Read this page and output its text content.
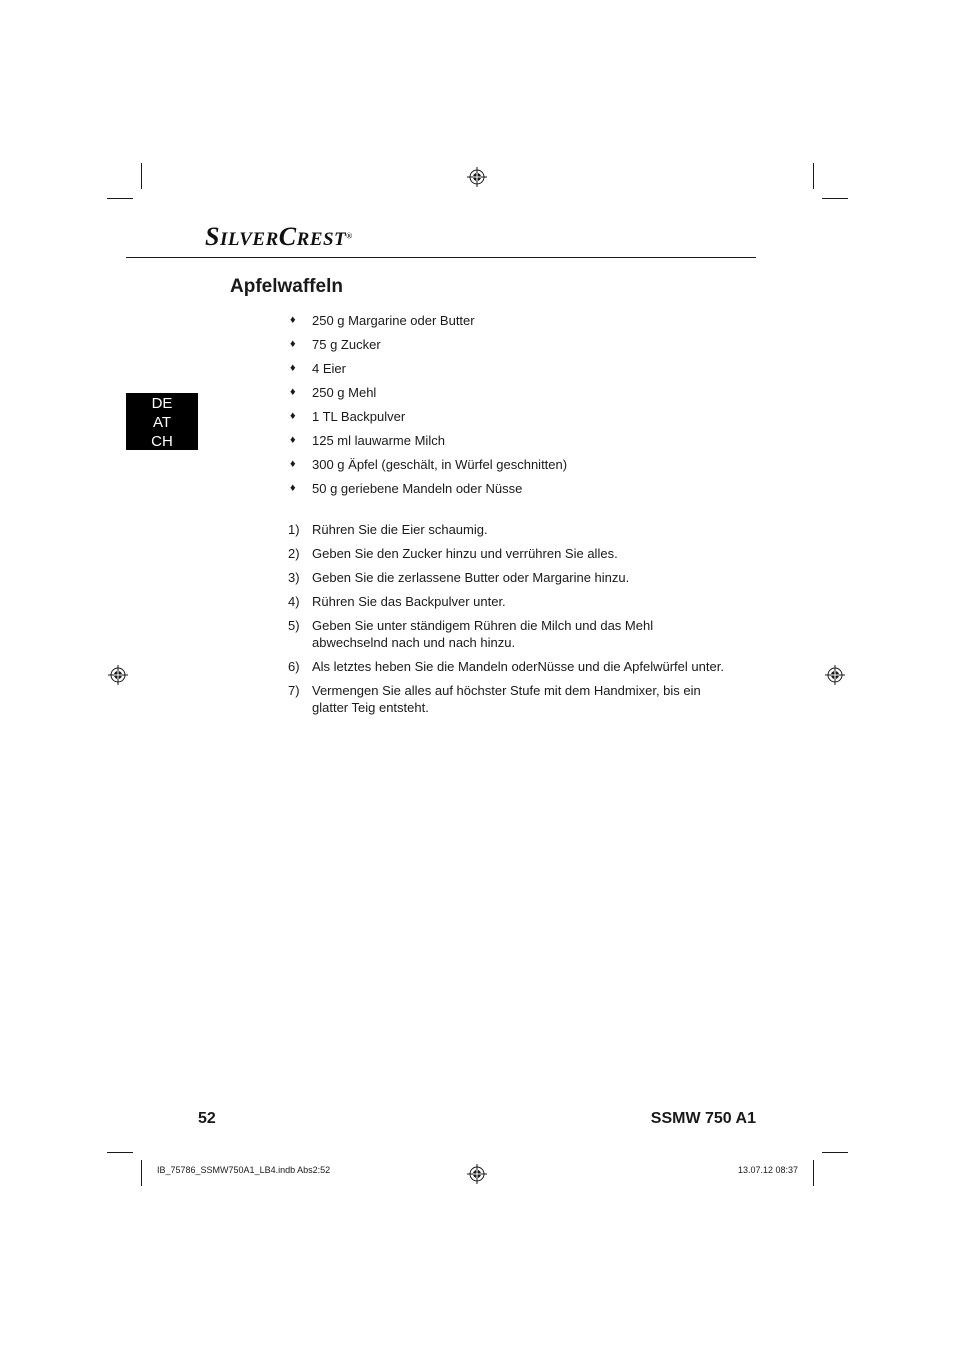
SILVERCREST®
Apfelwaffeln
DE
AT
CH
♦	250 g Margarine oder Butter
♦	75 g Zucker
♦	4 Eier
♦	250 g Mehl
♦	1 TL Backpulver
♦	125 ml lauwarme Milch
♦	300 g Äpfel (geschält, in Würfel geschnitten)
♦	50 g geriebene Mandeln oder Nüsse
1) Rühren Sie die Eier schaumig.
2) Geben Sie den Zucker hinzu und verrühren Sie alles.
3) Geben Sie die zerlassene Butter oder Margarine hinzu.
4) Rühren Sie das Backpulver unter.
5) Geben Sie unter ständigem Rühren die Milch und das Mehl abwechselnd nach und nach hinzu.
6) Als letztes heben Sie die Mandeln oderNüsse und die Apfelwürfel unter.
7) Vermengen Sie alles auf höchster Stufe mit dem Handmixer, bis ein glatter Teig entsteht.
52	SSMW 750 A1
IB_75786_SSMW750A1_LB4.indb Abs2:52	13.07.12 08:37
